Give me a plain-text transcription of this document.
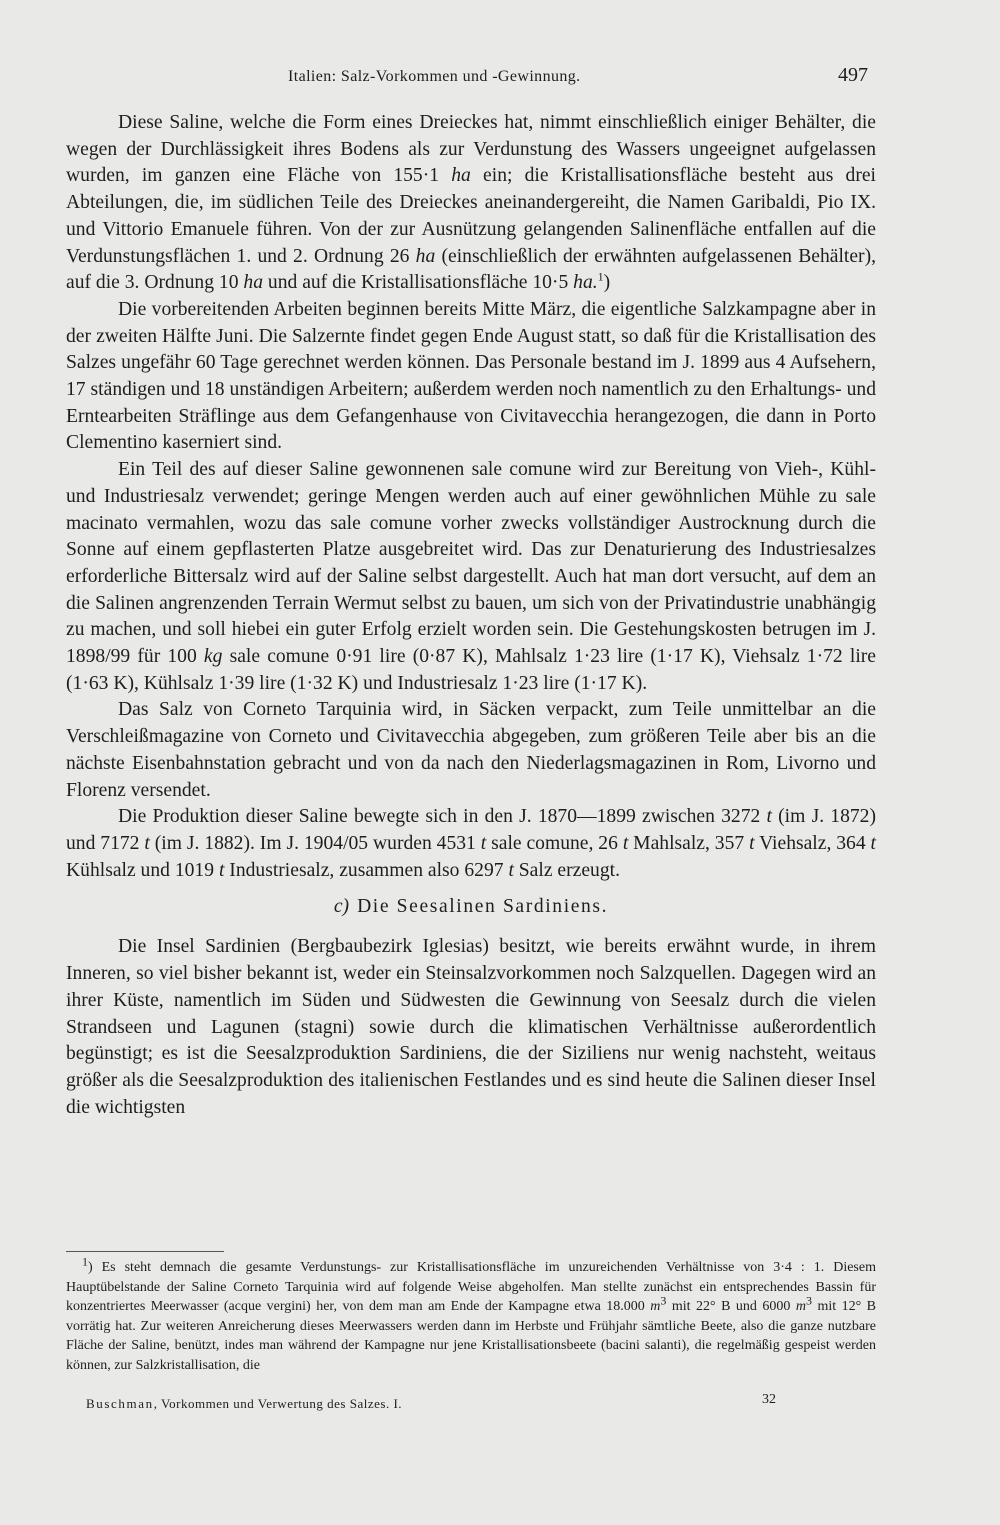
Italien: Salz-Vorkommen und -Gewinnung.	497

Diese Saline, welche die Form eines Dreieckes hat, nimmt einschließlich einiger Behälter, die wegen der Durchlässigkeit ihres Bodens als zur Verdunstung des Wassers ungeeignet aufgelassen wurden, im ganzen eine Fläche von 155·1 ha ein; die Kristallisationsfläche besteht aus drei Abteilungen, die, im südlichen Teile des Dreieckes aneinandergereiht, die Namen Garibaldi, Pio IX. und Vittorio Emanuele führen. Von der zur Ausnützung gelangenden Salinenfläche entfallen auf die Verdunstungsflächen 1. und 2. Ordnung 26 ha (einschließlich der erwähnten aufgelassenen Behälter), auf die 3. Ordnung 10 ha und auf die Kristallisationsfläche 10·5 ha.$^1$)

Die vorbereitenden Arbeiten beginnen bereits Mitte März, die eigentliche Salzkampagne aber in der zweiten Hälfte Juni. Die Salzernte findet gegen Ende August statt, so daß für die Kristallisation des Salzes ungefähr 60 Tage gerechnet werden können. Das Personale bestand im J. 1899 aus 4 Aufsehern, 17 ständigen und 18 unständigen Arbeitern; außerdem werden noch namentlich zu den Erhaltungs- und Erntearbeiten Sträflinge aus dem Gefangenhause von Civitavecchia herangezogen, die dann in Porto Clementino kaserniert sind.

Ein Teil des auf dieser Saline gewonnenen sale comune wird zur Bereitung von Vieh-, Kühl- und Industriesalz verwendet; geringe Mengen werden auch auf einer gewöhnlichen Mühle zu sale macinato vermahlen, wozu das sale comune vorher zwecks vollständiger Austrocknung durch die Sonne auf einem gepflasterten Platze ausgebreitet wird. Das zur Denaturierung des Industriesalzes erforderliche Bittersalz wird auf der Saline selbst dargestellt. Auch hat man dort versucht, auf dem an die Salinen angrenzenden Terrain Wermut selbst zu bauen, um sich von der Privatindustrie unabhängig zu machen, und soll hiebei ein guter Erfolg erzielt worden sein. Die Gestehungskosten betrugen im J. 1898/99 für 100 kg sale comune 0·91 lire (0·87 K), Mahlsalz 1·23 lire (1·17 K), Viehsalz 1·72 lire (1·63 K), Kühlsalz 1·39 lire (1·32 K) und Industriesalz 1·23 lire (1·17 K).

Das Salz von Corneto Tarquinia wird, in Säcken verpackt, zum Teile unmittelbar an die Verschleißmagazine von Corneto und Civitavecchia abgegeben, zum größeren Teile aber bis an die nächste Eisenbahnstation gebracht und von da nach den Niederlagsmagazinen in Rom, Livorno und Florenz versendet.

Die Produktion dieser Saline bewegte sich in den J. 1870—1899 zwischen 3272 t (im J. 1872) und 7172 t (im J. 1882). Im J. 1904/05 wurden 4531 t sale comune, 26 t Mahlsalz, 357 t Viehsalz, 364 t Kühlsalz und 1019 t Industriesalz, zusammen also 6297 t Salz erzeugt.

c) Die Seesalinen Sardiniens.

Die Insel Sardinien (Bergbaubezirk Iglesias) besitzt, wie bereits erwähnt wurde, in ihrem Inneren, so viel bisher bekannt ist, weder ein Steinsalzvorkommen noch Salzquellen. Dagegen wird an ihrer Küste, namentlich im Süden und Südwesten die Gewinnung von Seesalz durch die vielen Strandseen und Lagunen (stagni) sowie durch die klimatischen Verhältnisse außerordentlich begünstigt; es ist die Seesalzproduktion Sardiniens, die der Siziliens nur wenig nachsteht, weitaus größer als die Seesalzproduktion des italienischen Festlandes und es sind heute die Salinen dieser Insel die wichtigsten

$^1$) Es steht demnach die gesamte Verdunstungs- zur Kristallisationsfläche im unzureichenden Verhältnisse von 3·4 : 1. Diesem Hauptübelstande der Saline Corneto Tarquinia wird auf folgende Weise abgeholfen. Man stellte zunächst ein entsprechendes Bassin für konzentriertes Meerwasser (acque vergini) her, von dem man am Ende der Kampagne etwa 18.000 $m^3$ mit 22° B und 6000 $m^3$ mit 12° B vorrätig hat. Zur weiteren Anreicherung dieses Meerwassers werden dann im Herbste und Frühjahr sämtliche Beete, also die ganze nutzbare Fläche der Saline, benützt, indes man während der Kampagne nur jene Kristallisationsbeete (bacini salanti), die regelmäßig gespeist werden können, zur Salzkristallisation, die

Buschman, Vorkommen und Verwertung des Salzes. I.	32
